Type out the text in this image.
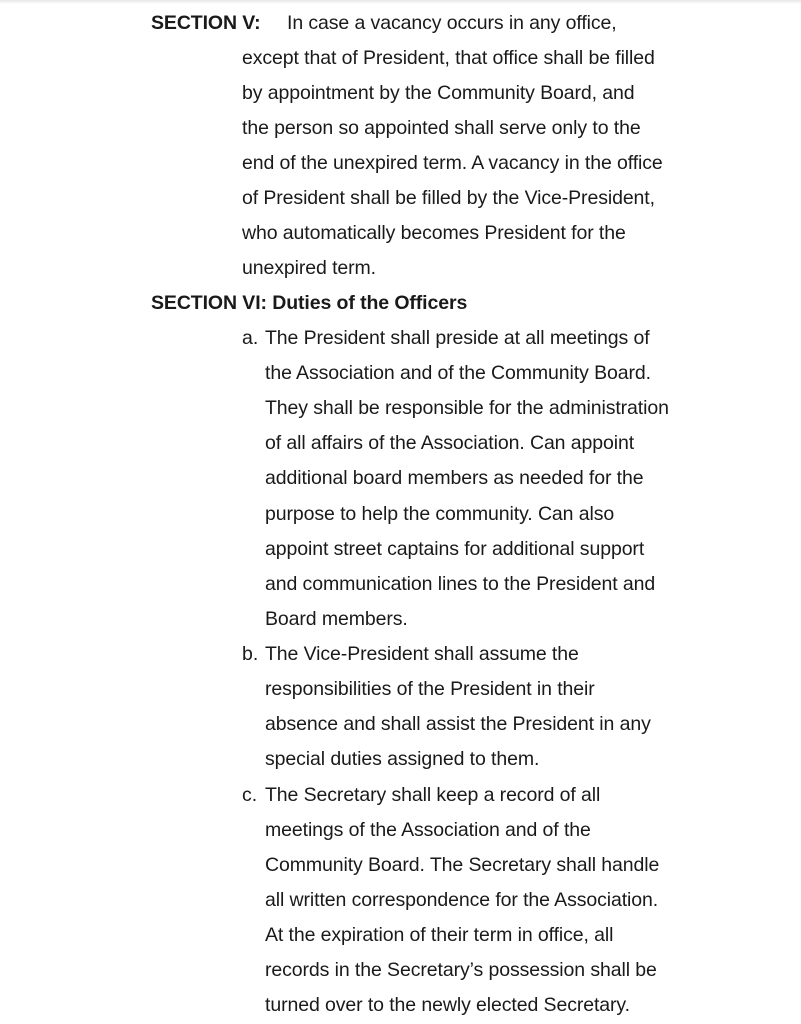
SECTION V: In case a vacancy occurs in any office,
except that of President, that office shall be filled
by appointment by the Community Board, and
the person so appointed shall serve only to the
end of the unexpired term. A vacancy in the office
of President shall be filled by the Vice-President,
who automatically becomes President for the
unexpired term.
SECTION VI: Duties of the Officers
a. The President shall preside at all meetings of
the Association and of the Community Board.
They shall be responsible for the administration
of all affairs of the Association. Can appoint
additional board members as needed for the
purpose to help the community. Can also
appoint street captains for additional support
and communication lines to the President and
Board members.
b. The Vice-President shall assume the
responsibilities of the President in their
absence and shall assist the President in any
special duties assigned to them.
c. The Secretary shall keep a record of all
meetings of the Association and of the
Community Board. The Secretary shall handle
all written correspondence for the Association.
At the expiration of their term in office, all
records in the Secretary’s possession shall be
turned over to the newly elected Secretary.
